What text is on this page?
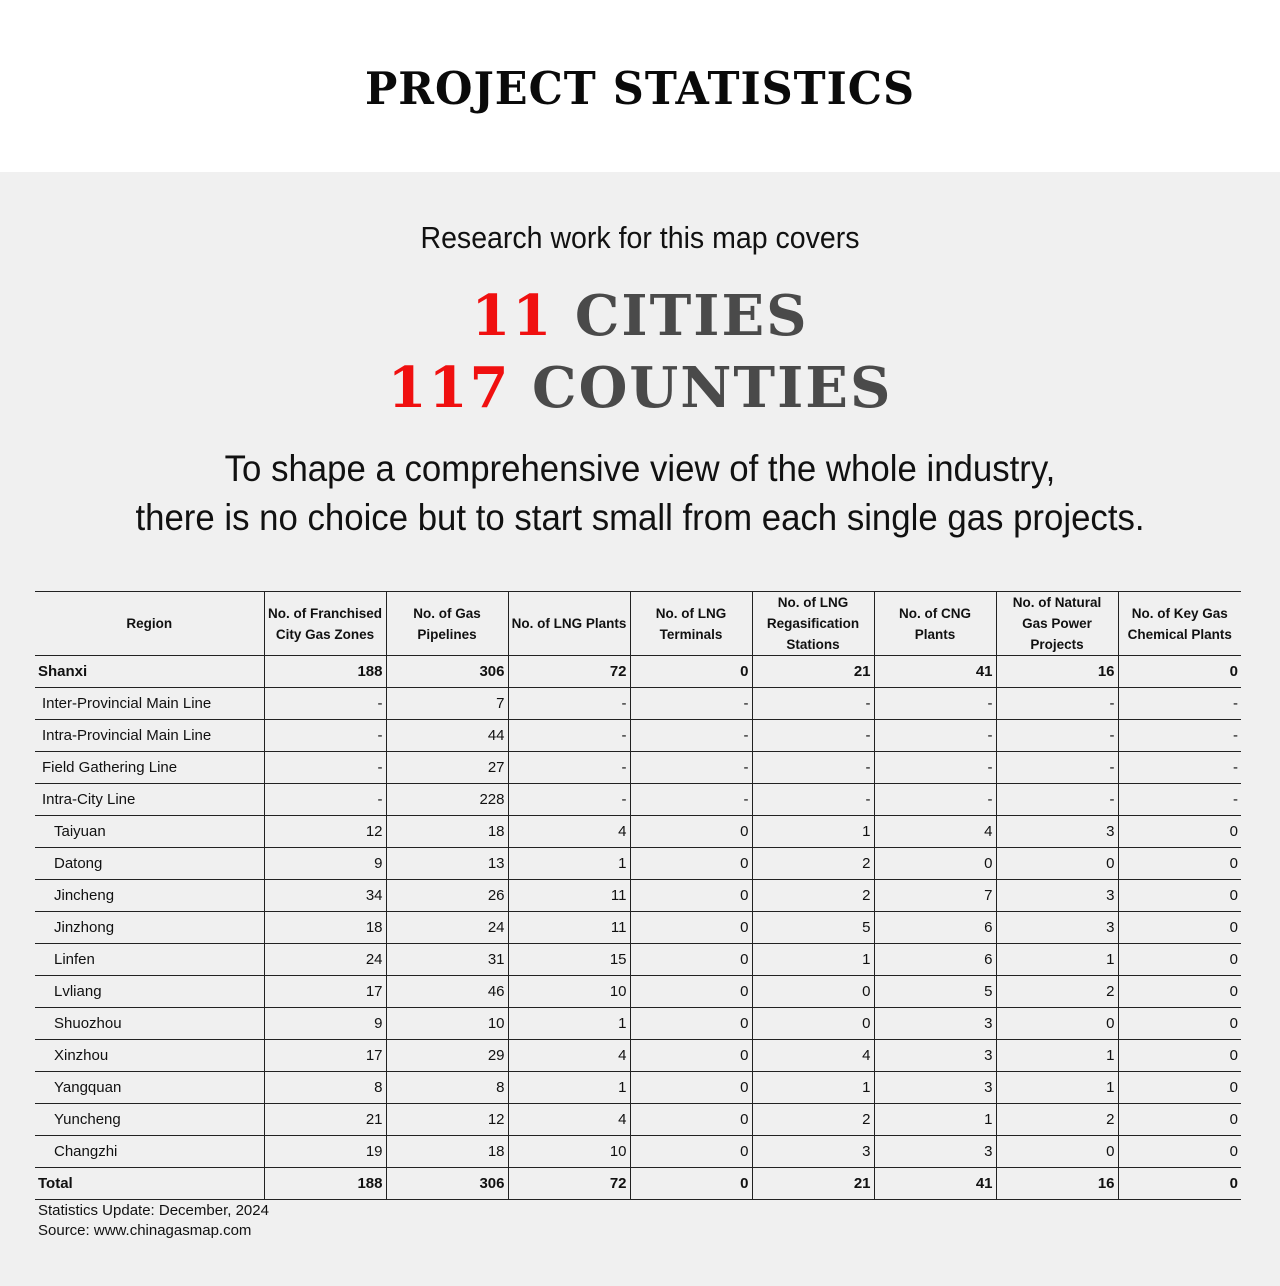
PROJECT STATISTICS
Research work for this map covers
11 CITIES
117 COUNTIES
To shape a comprehensive view of the whole industry,
there is no choice but to start small from each single gas projects.
Region	No. of Franchised City Gas Zones	No. of Gas Pipelines	No. of LNG Plants	No. of LNG Terminals	No. of LNG Regasification Stations	No. of CNG Plants	No. of Natural Gas Power Projects	No. of Key Gas Chemical Plants
Shanxi	188	306	72	0	21	41	16	0
Inter-Provincial Main Line	-	7	-	-	-	-	-	-
Intra-Provincial Main Line	-	44	-	-	-	-	-	-
Field Gathering Line	-	27	-	-	-	-	-	-
Intra-City Line	-	228	-	-	-	-	-	-
Taiyuan	12	18	4	0	1	4	3	0
Datong	9	13	1	0	2	0	0	0
Jincheng	34	26	11	0	2	7	3	0
Jinzhong	18	24	11	0	5	6	3	0
Linfen	24	31	15	0	1	6	1	0
Lvliang	17	46	10	0	0	5	2	0
Shuozhou	9	10	1	0	0	3	0	0
Xinzhou	17	29	4	0	4	3	1	0
Yangquan	8	8	1	0	1	3	1	0
Yuncheng	21	12	4	0	2	1	2	0
Changzhi	19	18	10	0	3	3	0	0
Total	188	306	72	0	21	41	16	0
Statistics Update: December, 2024
Source: www.chinagasmap.com
